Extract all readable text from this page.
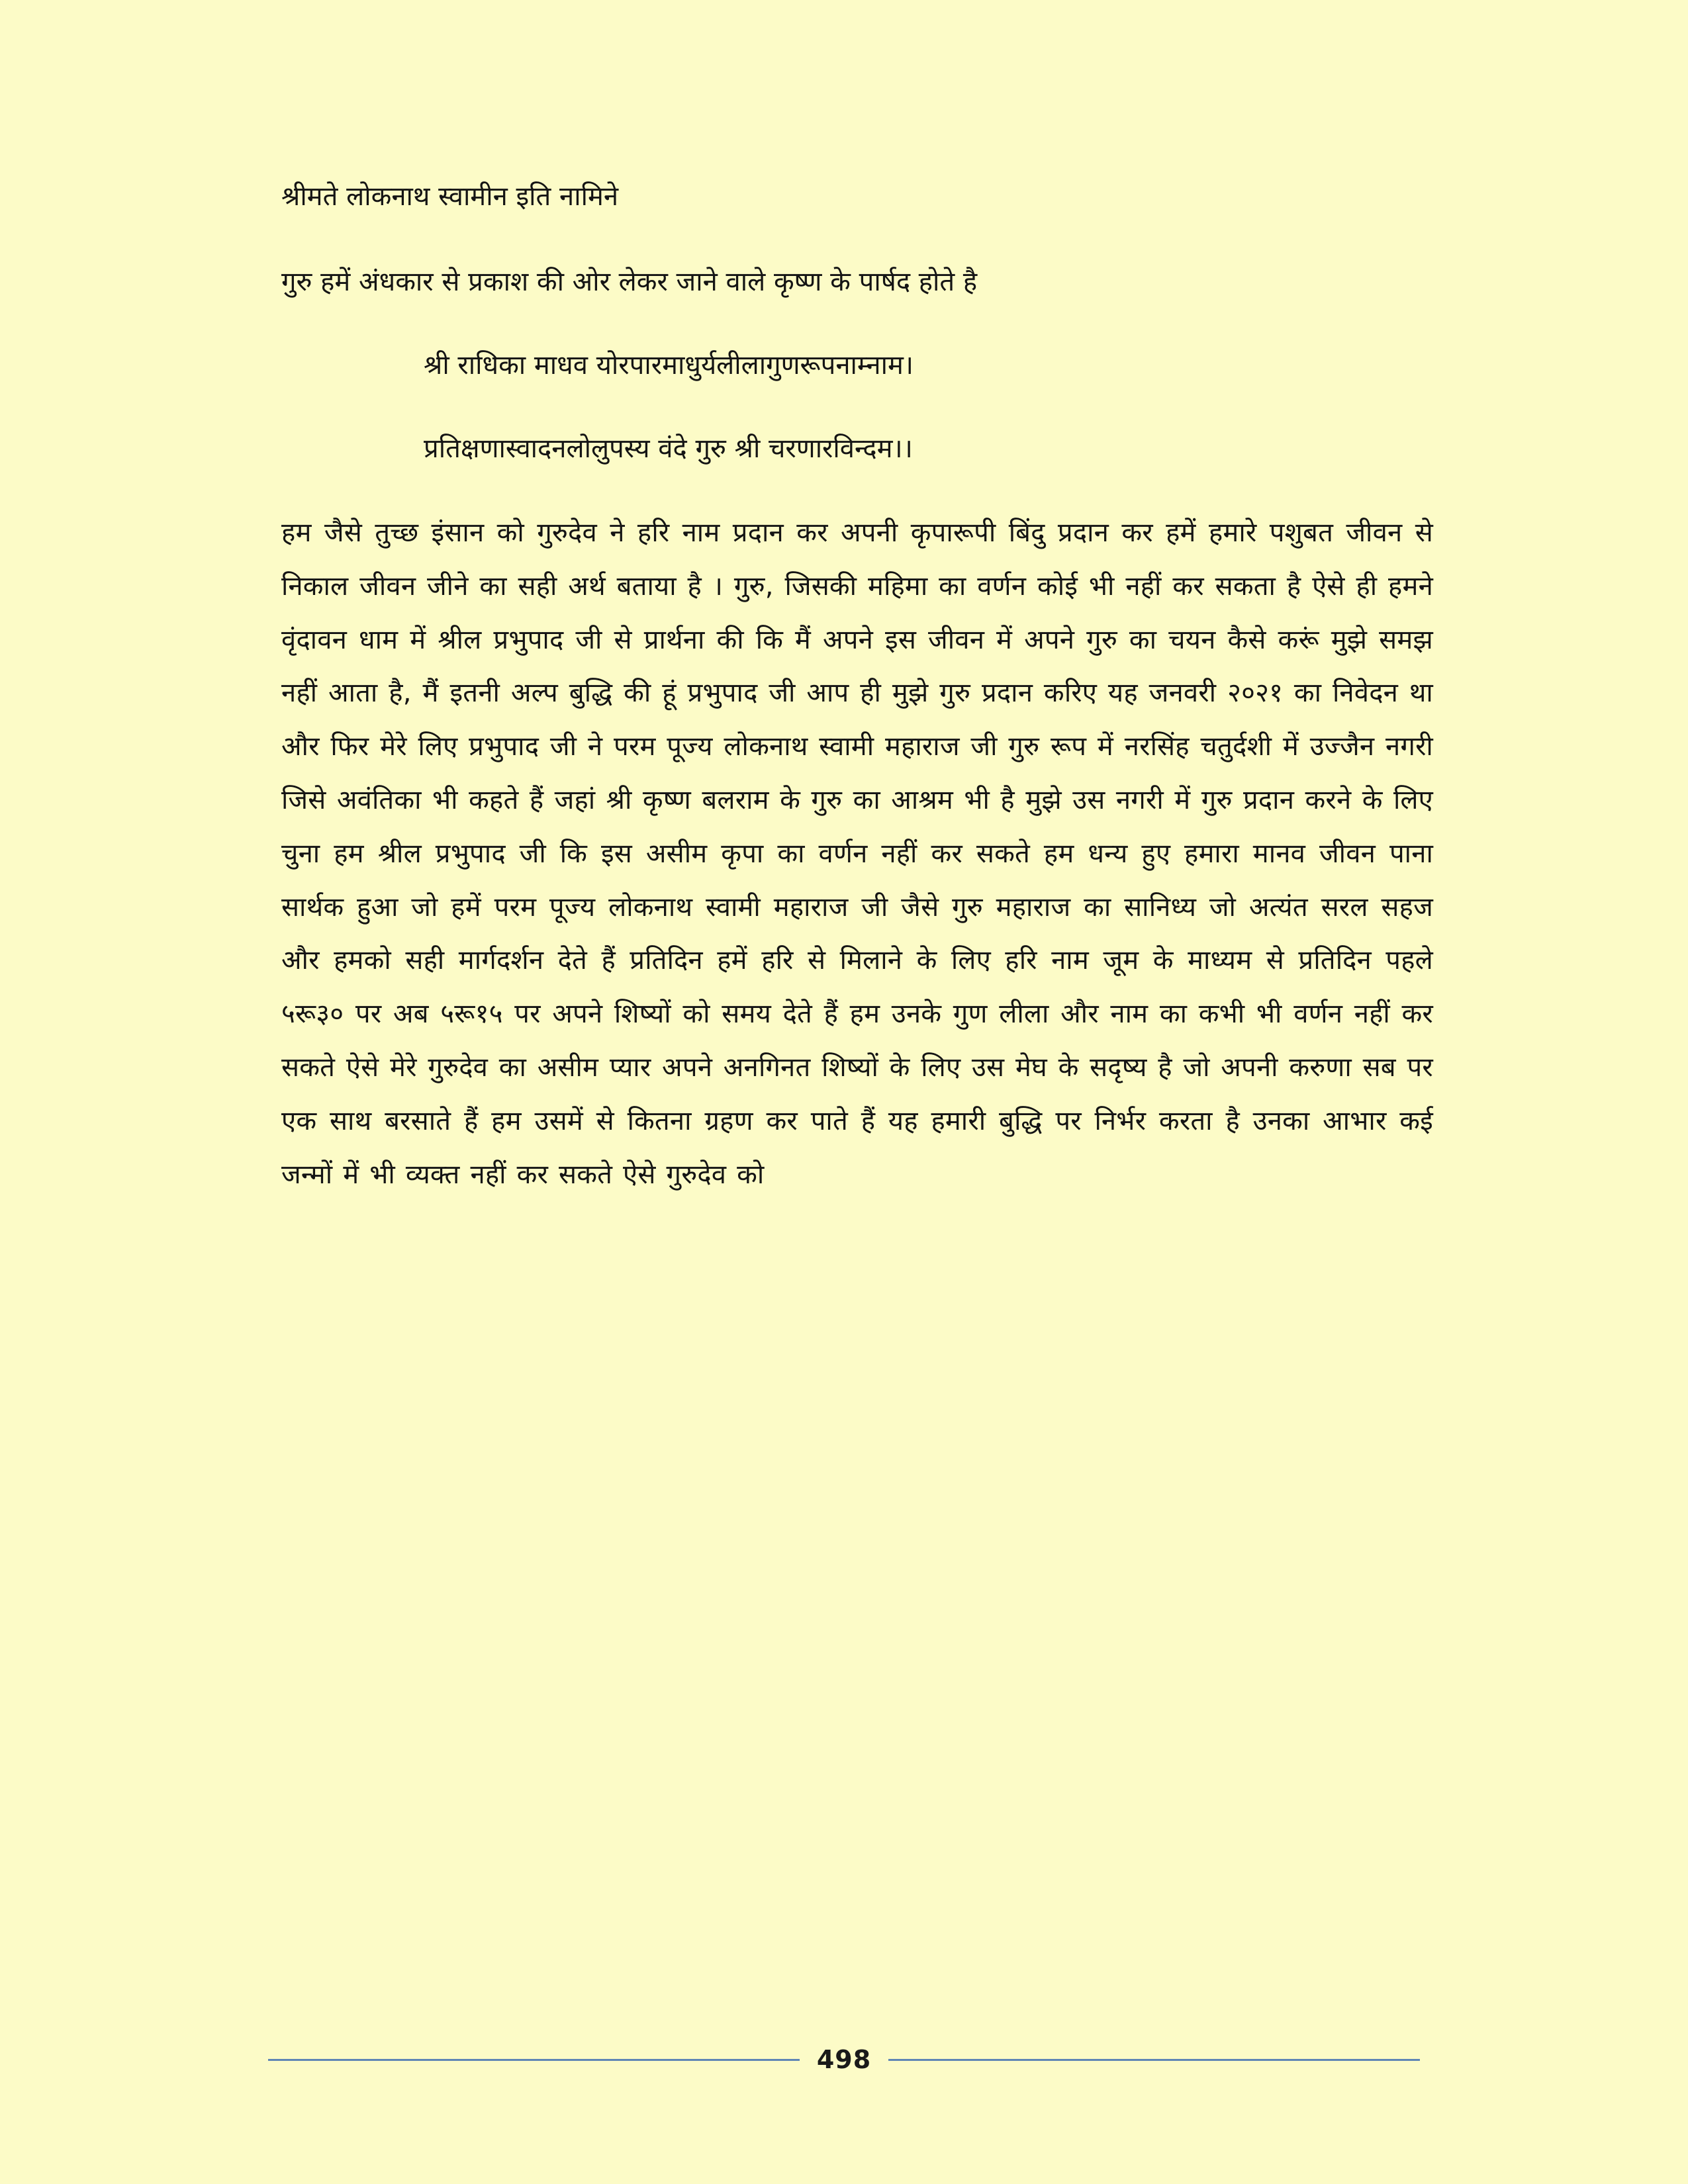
श्रीमते लोकनाथ स्वामीन इति नामिने

गुरु हमें अंधकार से प्रकाश की ओर लेकर जाने वाले कृष्ण के पार्षद होते है

श्री राधिका माधव योरपारमाधुर्यलीलागुणरूपनाम्नाम।

प्रतिक्षणास्वादनलोलुपस्य वंदे गुरु श्री चरणारविन्दम।।

हम जैसे तुच्छ इंसान को गुरुदेव ने हरि नाम प्रदान कर अपनी कृपारूपी बिंदु प्रदान कर हमें हमारे पशुबत जीवन से निकाल जीवन जीने का सही अर्थ बताया है । गुरु, जिसकी महिमा का वर्णन कोई भी नहीं कर सकता है ऐसे ही हमने वृंदावन धाम में श्रील प्रभुपाद जी से प्रार्थना की कि मैं अपने इस जीवन में अपने गुरु का चयन कैसे करूं मुझे समझ नहीं आता है, मैं इतनी अल्प बुद्धि की हूं प्रभुपाद जी आप ही मुझे गुरु प्रदान करिए यह जनवरी २०२१ का निवेदन था और फिर मेरे लिए प्रभुपाद जी ने परम पूज्य लोकनाथ स्वामी महाराज जी गुरु रूप में नरसिंह चतुर्दशी में उज्जैन नगरी जिसे अवंतिका भी कहते हैं जहां श्री कृष्ण बलराम के गुरु का आश्रम भी है मुझे उस नगरी में गुरु प्रदान करने के लिए चुना हम श्रील प्रभुपाद जी कि इस असीम कृपा का वर्णन नहीं कर सकते हम धन्य हुए हमारा मानव जीवन पाना सार्थक हुआ जो हमें परम पूज्य लोकनाथ स्वामी महाराज जी जैसे गुरु महाराज का सानिध्य जो अत्यंत सरल सहज और हमको सही मार्गदर्शन देते हैं प्रतिदिन हमें हरि से मिलाने के लिए हरि नाम जूम के माध्यम से प्रतिदिन पहले ५रू३० पर अब ५रू१५ पर अपने शिष्यों को समय देते हैं हम उनके गुण लीला और नाम का कभी भी वर्णन नहीं कर सकते ऐसे मेरे गुरुदेव का असीम प्यार अपने अनगिनत शिष्यों के लिए उस मेघ के सदृष्य है जो अपनी करुणा सब पर एक साथ बरसाते हैं हम उसमें से कितना ग्रहण कर पाते हैं यह हमारी बुद्धि पर निर्भर करता है उनका आभार कई जन्मों में भी व्यक्त नहीं कर सकते ऐसे गुरुदेव को

498
